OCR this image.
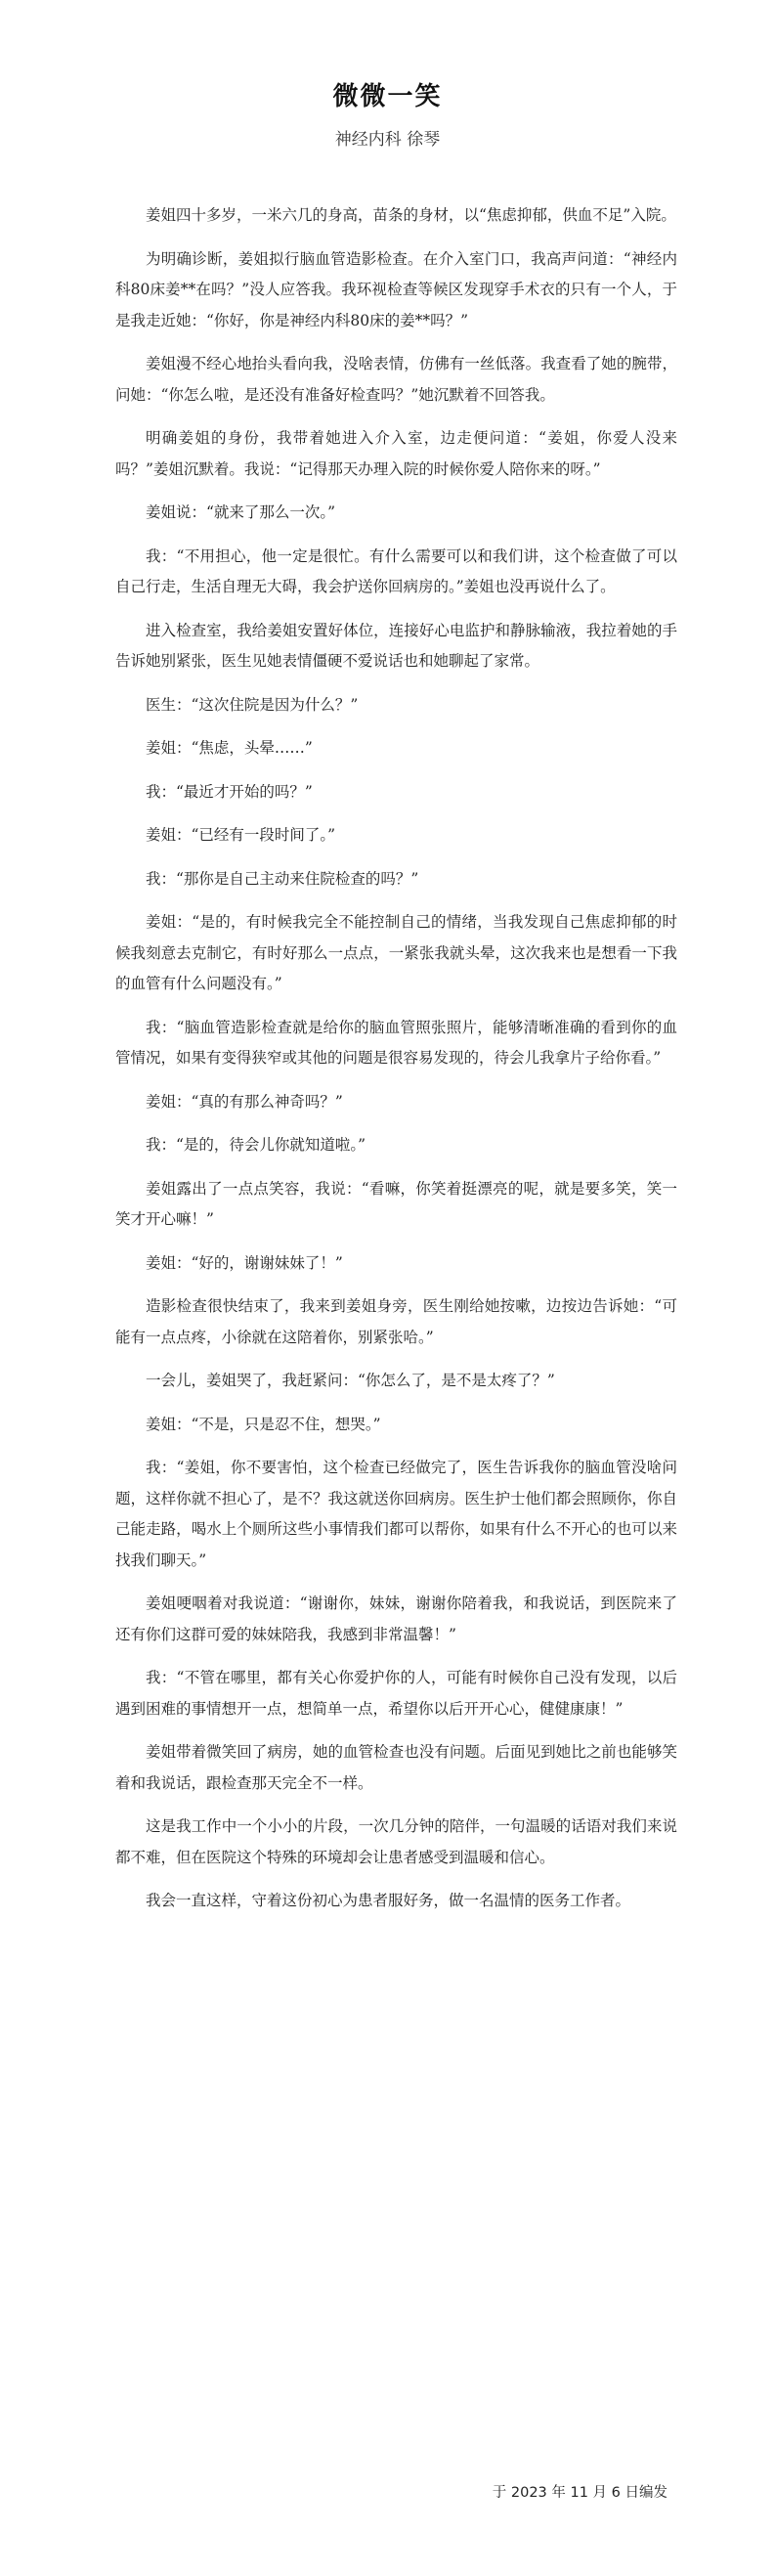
微微一笑
神经内科 徐琴

姜姐四十多岁，一米六几的身高，苗条的身材，以“焦虑抑郁，供血不足”入院。

为明确诊断，姜姐拟行脑血管造影检查。在介入室门口，我高声问道：“神经内科80床姜**在吗？”没人应答我。我环视检查等候区发现穿手术衣的只有一个人，于是我走近她：“你好，你是神经内科80床的姜**吗？”

姜姐漫不经心地抬头看向我，没啥表情，仿佛有一丝低落。我查看了她的腕带，问她：“你怎么啦，是还没有准备好检查吗？”她沉默着不回答我。

明确姜姐的身份，我带着她进入介入室，边走便问道：“姜姐，你爱人没来吗？”姜姐沉默着。我说：“记得那天办理入院的时候你爱人陪你来的呀。”

姜姐说：“就来了那么一次。”

我：“不用担心，他一定是很忙。有什么需要可以和我们讲，这个检查做了可以自己行走，生活自理无大碍，我会护送你回病房的。”姜姐也没再说什么了。

进入检查室，我给姜姐安置好体位，连接好心电监护和静脉输液，我拉着她的手告诉她别紧张，医生见她表情僵硬不爱说话也和她聊起了家常。

医生：“这次住院是因为什么？”

姜姐：“焦虑，头晕……”

我：“最近才开始的吗？”

姜姐：“已经有一段时间了。”

我：“那你是自己主动来住院检查的吗？”

姜姐：“是的，有时候我完全不能控制自己的情绪，当我发现自己焦虑抑郁的时候我刻意去克制它，有时好那么一点点，一紧张我就头晕，这次我来也是想看一下我的血管有什么问题没有。”

我：“脑血管造影检查就是给你的脑血管照张照片，能够清晰准确的看到你的血管情况，如果有变得狭窄或其他的问题是很容易发现的，待会儿我拿片子给你看。”

姜姐：“真的有那么神奇吗？”

我：“是的，待会儿你就知道啦。”

姜姐露出了一点点笑容，我说：“看嘛，你笑着挺漂亮的呢，就是要多笑，笑一笑才开心嘛！”

姜姐：“好的，谢谢妹妹了！”

造影检查很快结束了，我来到姜姐身旁，医生刚给她按嗽，边按边告诉她：“可能有一点点疼，小徐就在这陪着你，别紧张哈。”

一会儿，姜姐哭了，我赶紧问：“你怎么了，是不是太疼了？”

姜姐：“不是，只是忍不住，想哭。”

我：“姜姐，你不要害怕，这个检查已经做完了，医生告诉我你的脑血管没啥问题，这样你就不担心了，是不？我这就送你回病房。医生护士他们都会照顾你，你自己能走路，喝水上个厕所这些小事情我们都可以帮你，如果有什么不开心的也可以来找我们聊天。”

姜姐哽咽着对我说道：“谢谢你，妹妹，谢谢你陪着我，和我说话，到医院来了还有你们这群可爱的妹妹陪我，我感到非常温馨！”

我：“不管在哪里，都有关心你爱护你的人，可能有时候你自己没有发现，以后遇到困难的事情想开一点，想简单一点，希望你以后开开心心，健健康康！”

姜姐带着微笑回了病房，她的血管检查也没有问题。后面见到她比之前也能够笑着和我说话，跟检查那天完全不一样。

这是我工作中一个小小的片段，一次几分钟的陪伴，一句温暖的话语对我们来说都不难，但在医院这个特殊的环境却会让患者感受到温暖和信心。

我会一直这样，守着这份初心为患者服好务，做一名温情的医务工作者。

于 2023 年 11 月 6 日编发
